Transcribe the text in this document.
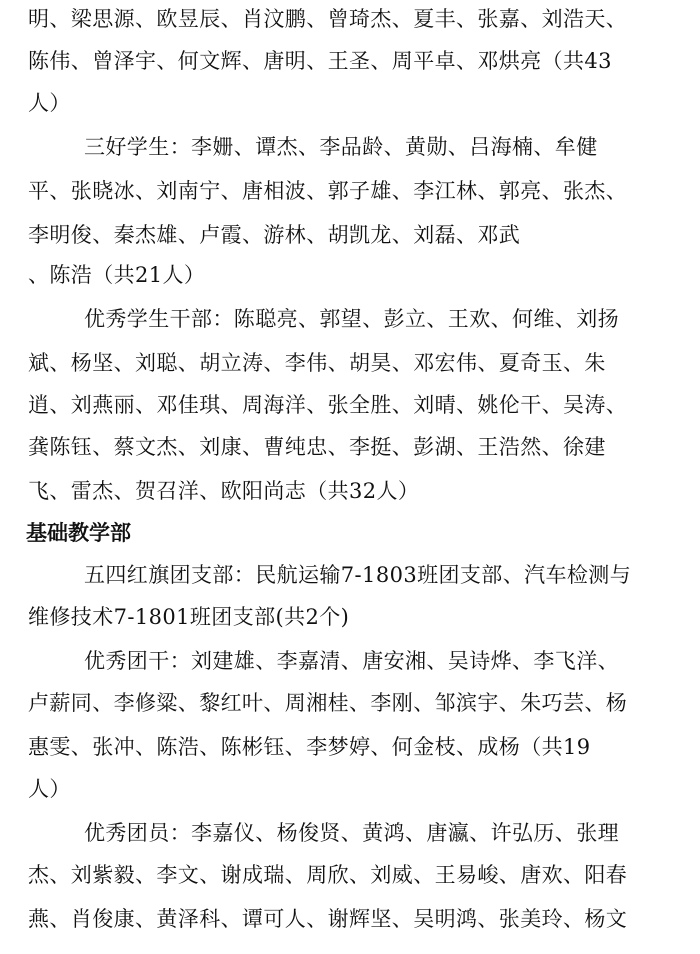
明、梁思源、欧昱辰、肖汶鹏、曾琦杰、夏丰、张嘉、刘浩天、
陈伟、曾泽宇、何文辉、唐明、王圣、周平卓、邓烘亮（共43
人）
三好学生：李姗、谭杰、李品龄、黄勋、吕海楠、牟健
平、张晓冰、刘南宁、唐相波、郭子雄、李江林、郭亮、张杰、
李明俊、秦杰雄、卢霞、游林、胡凯龙、刘磊、邓武
、陈浩（共21人）
优秀学生干部：陈聪亮、郭望、彭立、王欢、何维、刘扬
斌、杨坚、刘聪、胡立涛、李伟、胡昊、邓宏伟、夏奇玉、朱
逍、刘燕丽、邓佳琪、周海洋、张全胜、刘晴、姚伦干、吴涛、
龚陈钰、蔡文杰、刘康、曹纯忠、李挺、彭湖、王浩然、徐建
飞、雷杰、贺召洋、欧阳尚志（共32人）
基础教学部
五四红旗团支部：民航运输7-1803班团支部、汽车检测与
维修技术7-1801班团支部(共2个)
优秀团干：刘建雄、李嘉清、唐安湘、吴诗烨、李飞洋、
卢薪同、李修粱、黎红叶、周湘桂、李刚、邹滨宇、朱巧芸、杨
惠雯、张冲、陈浩、陈彬钰、李梦婷、何金枝、成杨（共19
人）
优秀团员：李嘉仪、杨俊贤、黄鸿、唐瀛、许弘历、张理
杰、刘紫毅、李文、谢成瑞、周欣、刘威、王易峻、唐欢、阳春
燕、肖俊康、黄泽科、谭可人、谢辉坚、吴明鸿、张美玲、杨文
